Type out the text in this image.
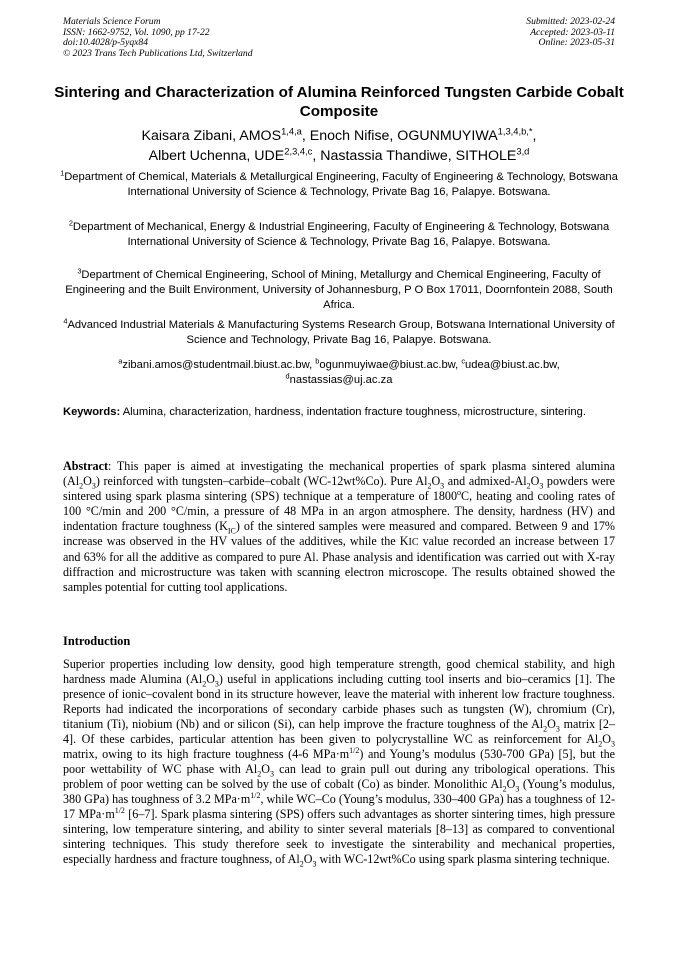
Materials Science Forum
ISSN: 1662-9752, Vol. 1090, pp 17-22
doi:10.4028/p-5yqx84
© 2023 Trans Tech Publications Ltd, Switzerland
Submitted: 2023-02-24
Accepted: 2023-03-11
Online: 2023-05-31
Sintering and Characterization of Alumina Reinforced Tungsten Carbide Cobalt Composite
Kaisara Zibani, AMOS$^{1,4,a}$, Enoch Nifise, $OGUNMUYIWA^{1,3,4,b,*}$,
Albert Uchenna, UDE$^{2,3,4,c}$, Nastassia Thandiwe, SITHOLE$^{3,d}$
$^1$Department of Chemical, Materials & Metallurgical Engineering, Faculty of Engineering & Technology, Botswana International University of Science & Technology, Private Bag 16, Palapye. Botswana.
$^2$Department of Mechanical, Energy & Industrial Engineering, Faculty of Engineering & Technology, Botswana International University of Science & Technology, Private Bag 16, Palapye. Botswana.
$^3$Department of Chemical Engineering, School of Mining, Metallurgy and Chemical Engineering, Faculty of Engineering and the Built Environment, University of Johannesburg, P O Box 17011, Doornfontein 2088, South Africa.
$^4$Advanced Industrial Materials & Manufacturing Systems Research Group, Botswana International University of Science and Technology, Private Bag 16, Palapye. Botswana.
$^a$zibani.amos@studentmail.biust.ac.bw, $^b$ogunmuyiwae@biust.ac.bw, $^c$udea@biust.ac.bw,
$^d$nastassias@uj.ac.za
Keywords: Alumina, characterization, hardness, indentation fracture toughness, microstructure, sintering.
Abstract: This paper is aimed at investigating the mechanical properties of spark plasma sintered alumina $(Al_2O_3)$ reinforced with tungsten–carbide–cobalt (WC-12wt%Co). Pure $Al_2O_3$ and admixed-$Al_2O_3$ powders were sintered using spark plasma sintering (SPS) technique at a temperature of 1800$^o$C, heating and cooling rates of 100 °C/min and 200 °C/min, a pressure of 48 MPa in an argon atmosphere. The density, hardness (HV) and indentation fracture toughness $(K_{IC})$ of the sintered samples were measured and compared. Between 9 and 17% increase was observed in the HV values of the additives, while the KIC value recorded an increase between 17 and 63% for all the additive as compared to pure Al. Phase analysis and identification was carried out with X-ray diffraction and microstructure was taken with scanning electron microscope. The results obtained showed the samples potential for cutting tool applications.
Introduction
Superior properties including low density, good high temperature strength, good chemical stability, and high hardness made Alumina $(Al_2O_3)$ useful in applications including cutting tool inserts and bio–ceramics [1]. The presence of ionic–covalent bond in its structure however, leave the material with inherent low fracture toughness. Reports had indicated the incorporations of secondary carbide phases such as tungsten (W), chromium (Cr), titanium (Ti), niobium (Nb) and or silicon (Si), can help improve the fracture toughness of the $Al_2O_3$ matrix [2–4]. Of these carbides, particular attention has been given to polycrystalline WC as reinforcement for $Al_2O_3$ matrix, owing to its high fracture toughness (4-6 $MPa\cdot m^{1/2}$) and Young’s modulus (530-700 GPa) [5], but the poor wettability of WC phase with $Al_2O_3$ can lead to grain pull out during any tribological operations. This problem of poor wetting can be solved by the use of cobalt (Co) as binder. Monolithic $Al_2O_3$ (Young’s modulus, 380 GPa) has toughness of 3.2 $MPa\cdot m^{1/2}$, while WC–Co (Young’s modulus, 330–400 GPa) has a toughness of 12-17 $MPa\cdot m^{1/2}$ [6–7]. Spark plasma sintering (SPS) offers such advantages as shorter sintering times, high pressure sintering, low temperature sintering, and ability to sinter several materials [8–13] as compared to conventional sintering techniques. This study therefore seek to investigate the sinterability and mechanical properties, especially hardness and fracture toughness, of $Al_2O_3$ with WC-12wt%Co using spark plasma sintering technique.
